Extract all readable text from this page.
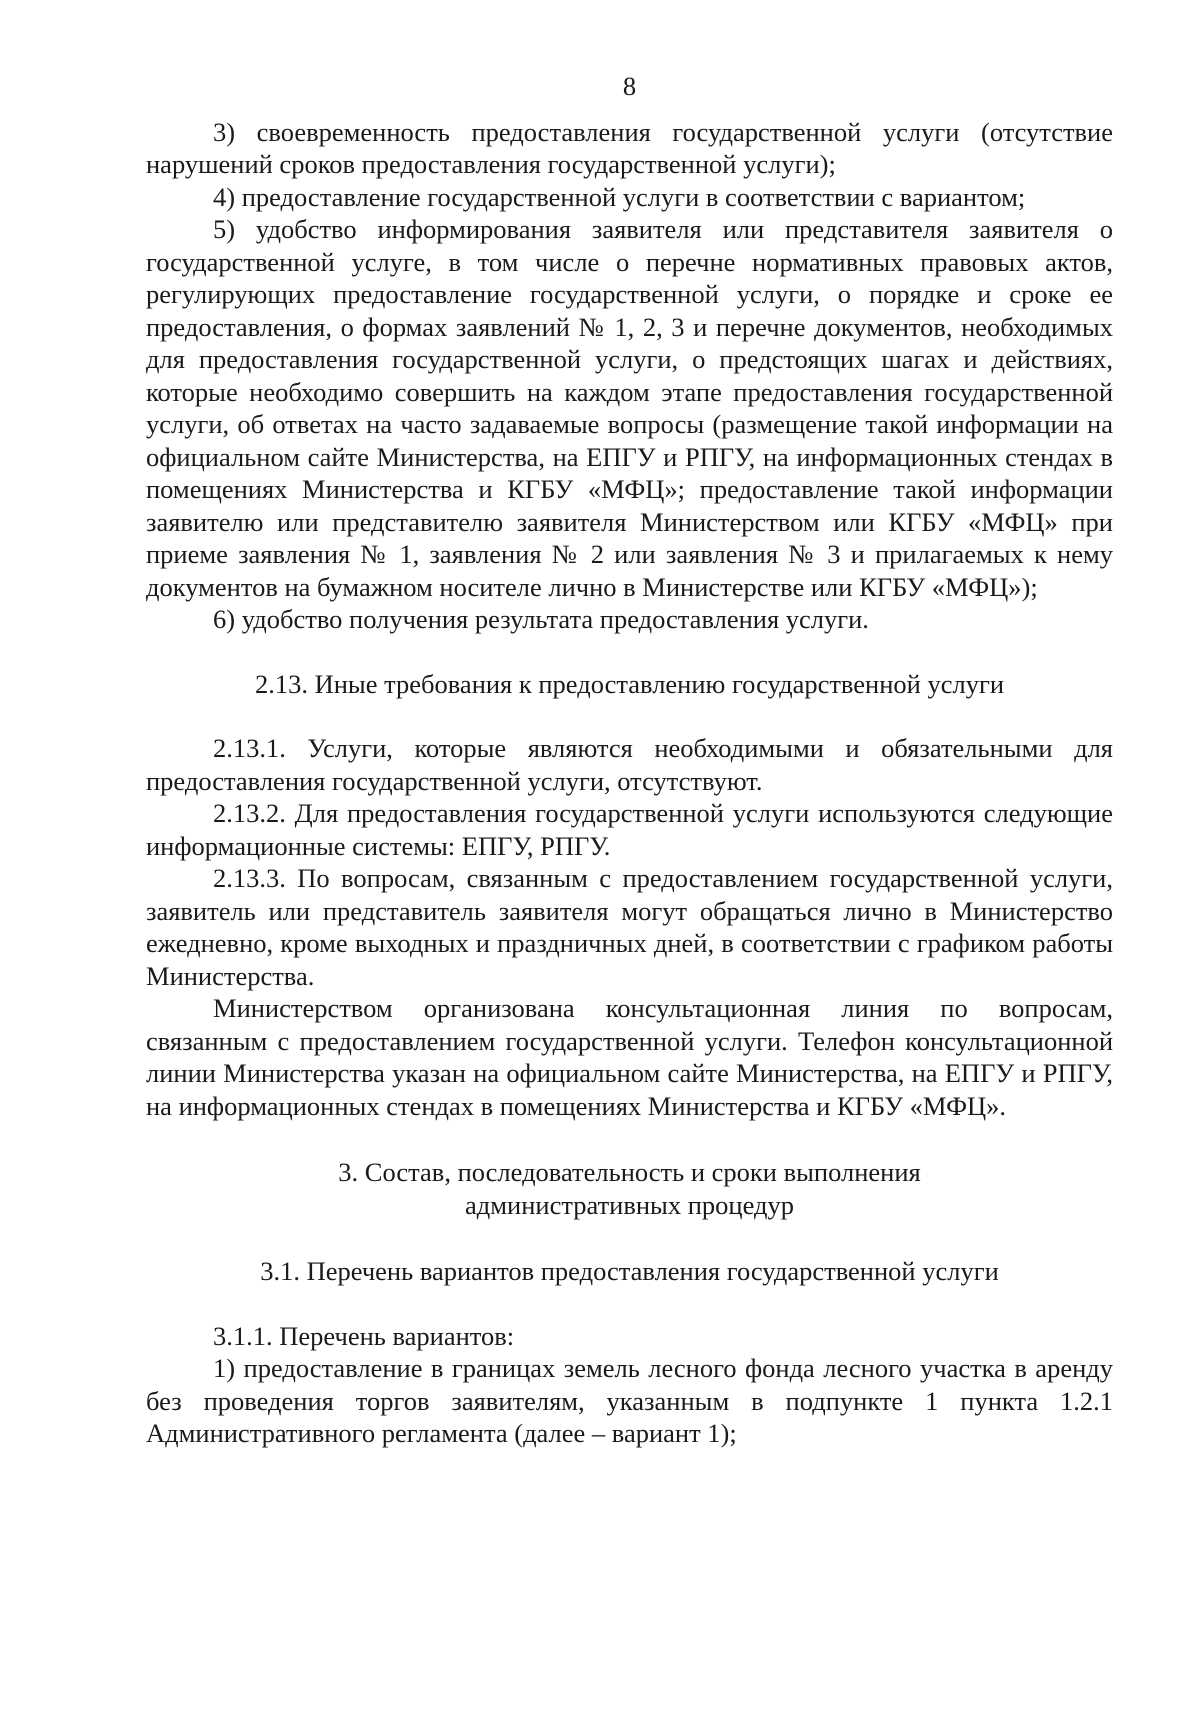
8

3) своевременность предоставления государственной услуги (отсутствие нарушений сроков предоставления государственной услуги);

4) предоставление государственной услуги в соответствии с вариантом;

5) удобство информирования заявителя или представителя заявителя о государственной услуге, в том числе о перечне нормативных правовых актов, регулирующих предоставление государственной услуги, о порядке и сроке ее предоставления, о формах заявлений № 1, 2, 3 и перечне документов, необходимых для предоставления государственной услуги, о предстоящих шагах и действиях, которые необходимо совершить на каждом этапе предоставления государственной услуги, об ответах на часто задаваемые вопросы (размещение такой информации на официальном сайте Министерства, на ЕПГУ и РПГУ, на информационных стендах в помещениях Министерства и КГБУ «МФЦ»; предоставление такой информации заявителю или представителю заявителя Министерством или КГБУ «МФЦ» при приеме заявления № 1, заявления № 2 или заявления № 3 и прилагаемых к нему документов на бумажном носителе лично в Министерстве или КГБУ «МФЦ»);

6) удобство получения результата предоставления услуги.

2.13. Иные требования к предоставлению государственной услуги

2.13.1. Услуги, которые являются необходимыми и обязательными для предоставления государственной услуги, отсутствуют.

2.13.2. Для предоставления государственной услуги используются следующие информационные системы: ЕПГУ, РПГУ.

2.13.3. По вопросам, связанным с предоставлением государственной услуги, заявитель или представитель заявителя могут обращаться лично в Министерство ежедневно, кроме выходных и праздничных дней, в соответствии с графиком работы Министерства.

Министерством организована консультационная линия по вопросам, связанным с предоставлением государственной услуги. Телефон консультационной линии Министерства указан на официальном сайте Министерства, на ЕПГУ и РПГУ, на информационных стендах в помещениях Министерства и КГБУ «МФЦ».

3. Состав, последовательность и сроки выполнения

административных процедур

3.1. Перечень вариантов предоставления государственной услуги

3.1.1. Перечень вариантов:

1) предоставление в границах земель лесного фонда лесного участка в аренду без проведения торгов заявителям, указанным в подпункте 1 пункта 1.2.1 Административного регламента (далее – вариант 1);
